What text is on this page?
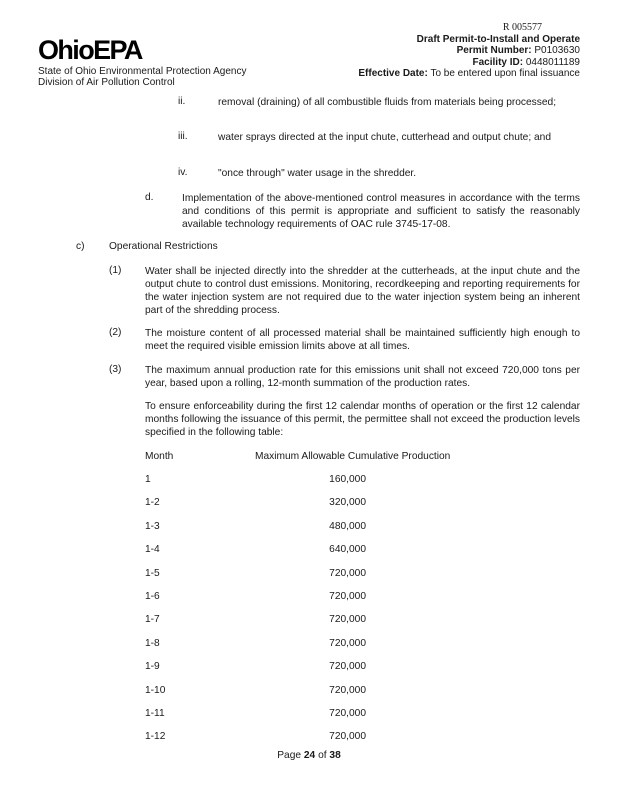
OhioEPA
State of Ohio Environmental Protection Agency
Division of Air Pollution Control
R 005577
Draft Permit-to-Install and Operate
Permit Number: P0103630
Facility ID: 0448011189
Effective Date: To be entered upon final issuance
ii.	removal (draining) of all combustible fluids from materials being processed;
iii.	water sprays directed at the input chute, cutterhead and output chute; and
iv.	"once through" water usage in the shredder.
d.	Implementation of the above-mentioned control measures in accordance with the terms and conditions of this permit is appropriate and sufficient to satisfy the reasonably available technology requirements of OAC rule 3745-17-08.
c) Operational Restrictions
(1) Water shall be injected directly into the shredder at the cutterheads, at the input chute and the output chute to control dust emissions. Monitoring, recordkeeping and reporting requirements for the water injection system are not required due to the water injection system being an inherent part of the shredding process.
(2) The moisture content of all processed material shall be maintained sufficiently high enough to meet the required visible emission limits above at all times.
(3) The maximum annual production rate for this emissions unit shall not exceed 720,000 tons per year, based upon a rolling, 12-month summation of the production rates.
To ensure enforceability during the first 12 calendar months of operation or the first 12 calendar months following the issuance of this permit, the permittee shall not exceed the production levels specified in the following table:
Month	Maximum Allowable Cumulative Production
1	160,000
1-2	320,000
1-3	480,000
1-4	640,000
1-5	720,000
1-6	720,000
1-7	720,000
1-8	720,000
1-9	720,000
1-10	720,000
1-11	720,000
1-12	720,000
Page 24 of 38
